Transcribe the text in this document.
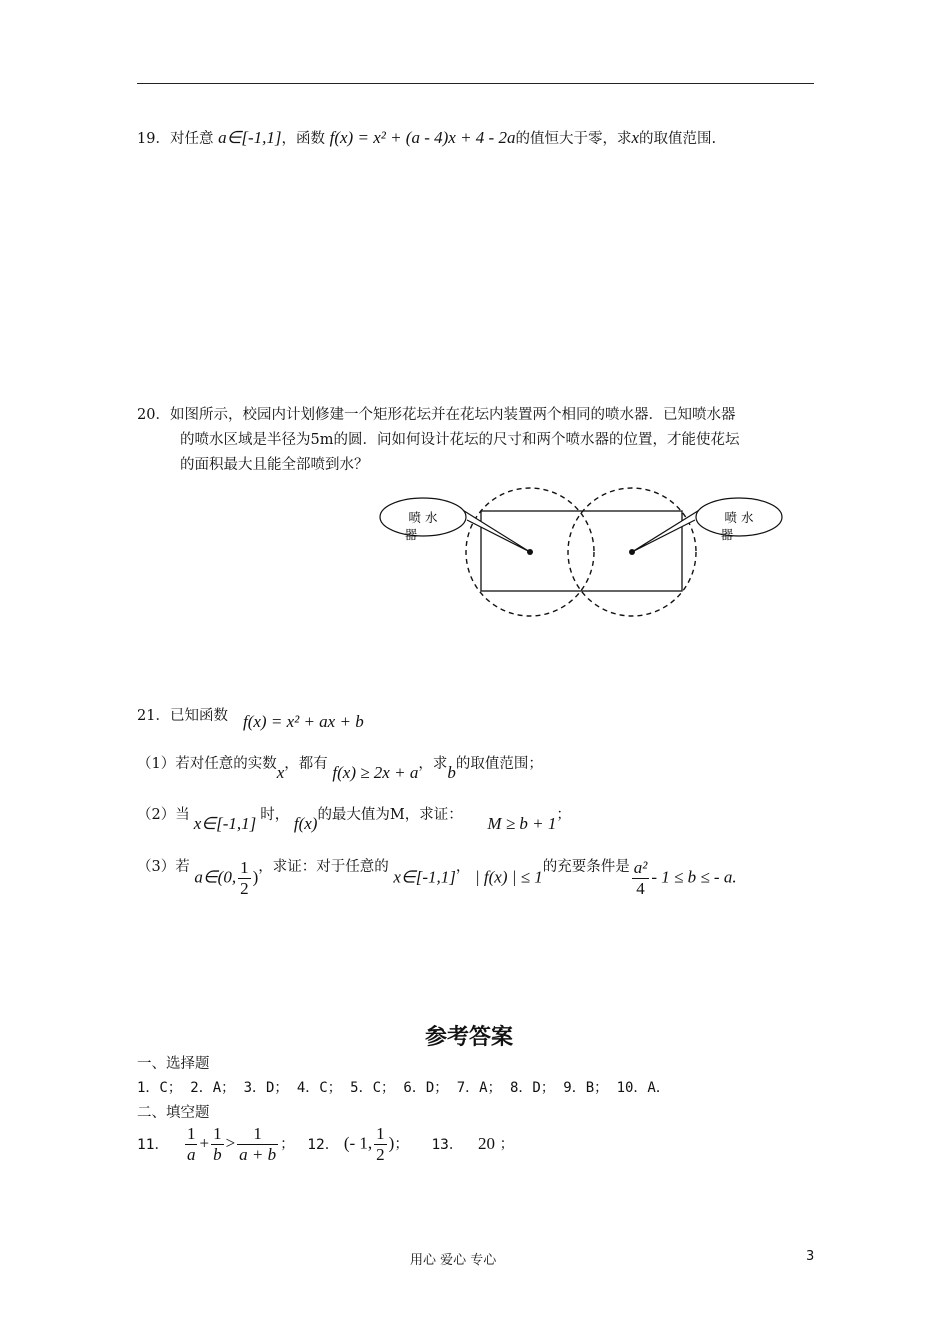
19．对任意 a∈[-1,1]，函数 f(x) = x² + (a - 4)x + 4 - 2a的值恒大于零，求x的取值范围.
20．如图所示，校园内计划修建一个矩形花坛并在花坛内装置两个相同的喷水器．已知喷水器
的喷水区域是半径为5m的圆．问如何设计花坛的尺寸和两个喷水器的位置，才能使花坛
的面积最大且能全部喷到水？
喷 水
器
喷 水
器
21．已知函数 f(x) = x² + ax + b
（1）若对任意的实数x，都有 f(x) ≥ 2x + a，求b的取值范围；
（2）当 x∈[-1,1] 时， f(x)的最大值为M，求证： M ≥ b + 1；
（3）若 a∈(0, $\frac{1}{2}$ )，求证：对于任意的 x∈[-1,1]， | f(x) | ≤ 1的充要条件是 $\frac{\text{a²}}{4} - 1 \le b$ ≤ - a.
参考答案
一、选择题
1．C； 2．A； 3．D； 4．C； 5．C； 6．D； 7．A； 8．D； 9．B； 10．A．
二、填空题
11． $\frac{1}{a} + \frac{1}{b} > \frac{1}{a + b}$ ； 12． (- 1, $\frac{1}{2}$ )； 13． 20 ；
用心 爱心 专心	3
